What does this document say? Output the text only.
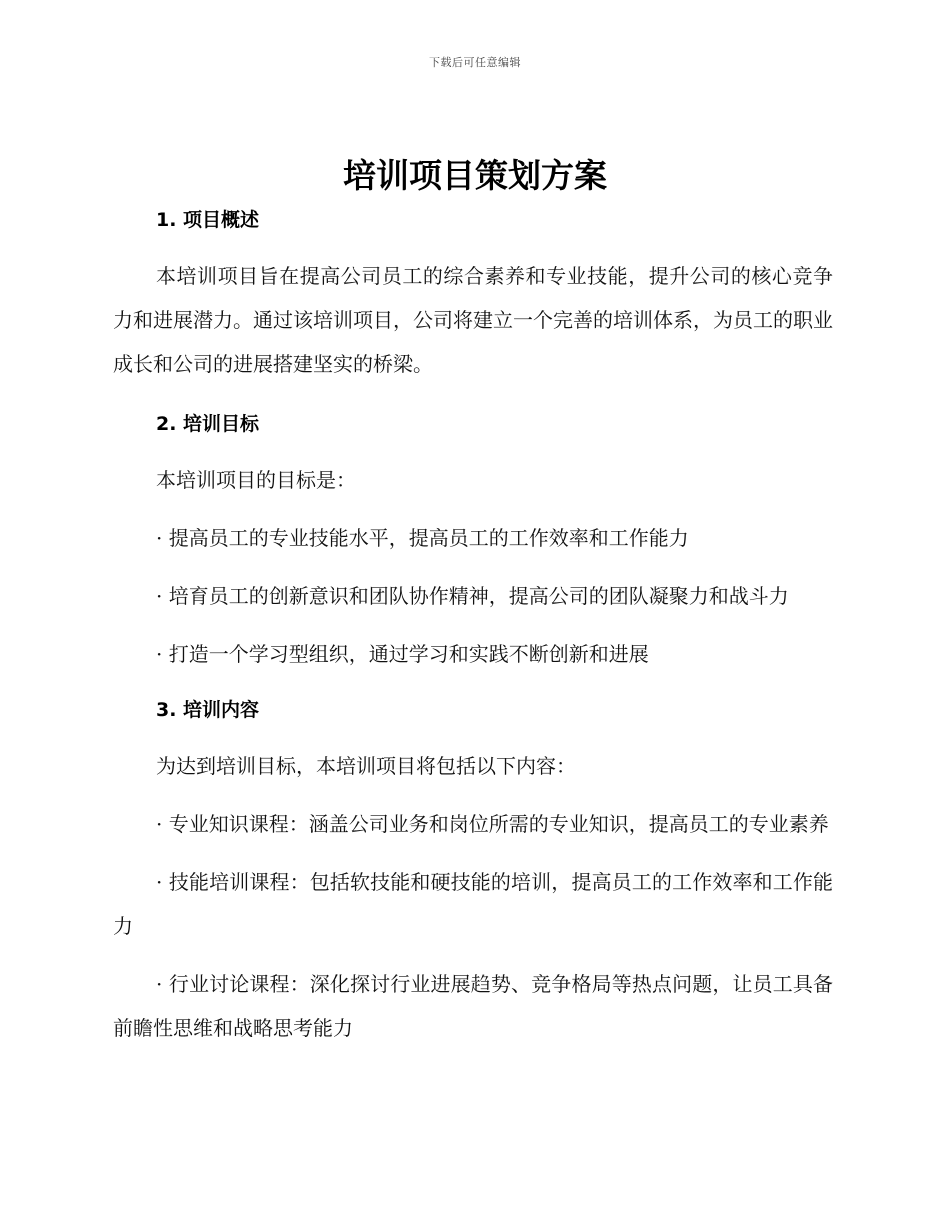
下载后可任意编辑
培训项目策划方案
1. 项目概述

本培训项目旨在提高公司员工的综合素养和专业技能，提升公司的核心竞争力和进展潜力。通过该培训项目，公司将建立一个完善的培训体系，为员工的职业成长和公司的进展搭建坚实的桥梁。

2. 培训目标

本培训项目的目标是：

· 提高员工的专业技能水平，提高员工的工作效率和工作能力

· 培育员工的创新意识和团队协作精神，提高公司的团队凝聚力和战斗力

· 打造一个学习型组织，通过学习和实践不断创新和进展

3. 培训内容

为达到培训目标，本培训项目将包括以下内容：

· 专业知识课程：涵盖公司业务和岗位所需的专业知识，提高员工的专业素养

· 技能培训课程：包括软技能和硬技能的培训，提高员工的工作效率和工作能力

· 行业讨论课程：深化探讨行业进展趋势、竞争格局等热点问题，让员工具备前瞻性思维和战略思考能力
